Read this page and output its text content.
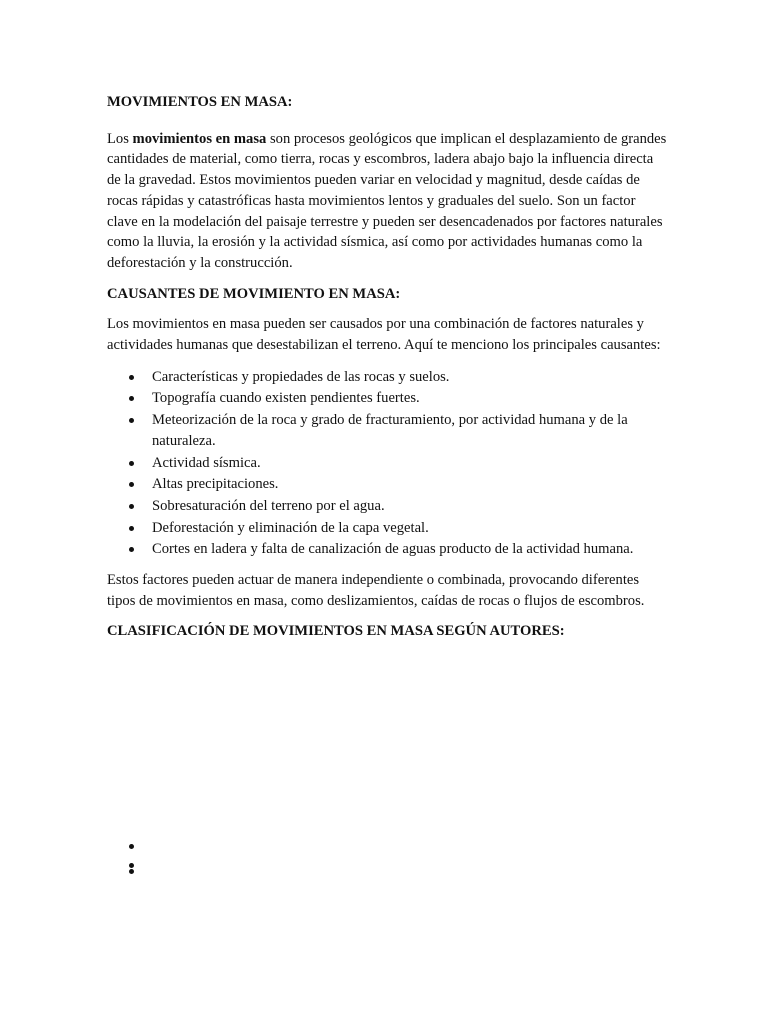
MOVIMIENTOS EN MASA:

Los movimientos en masa son procesos geológicos que implican el desplazamiento de grandes cantidades de material, como tierra, rocas y escombros, ladera abajo bajo la influencia directa de la gravedad. Estos movimientos pueden variar en velocidad y magnitud, desde caídas de rocas rápidas y catastróficas hasta movimientos lentos y graduales del suelo. Son un factor clave en la modelación del paisaje terrestre y pueden ser desencadenados por factores naturales como la lluvia, la erosión y la actividad sísmica, así como por actividades humanas como la deforestación y la construcción.

CAUSANTES DE MOVIMIENTO EN MASA:

Los movimientos en masa pueden ser causados por una combinación de factores naturales y actividades humanas que desestabilizan el terreno. Aquí te menciono los principales causantes:

Características y propiedades de las rocas y suelos.
Topografía cuando existen pendientes fuertes.
Meteorización de la roca y grado de fracturamiento, por actividad humana y de la naturaleza.
Actividad sísmica.
Altas precipitaciones.
Sobresaturación del terreno por el agua.
Deforestación y eliminación de la capa vegetal.
Cortes en ladera y falta de canalización de aguas producto de la actividad humana.

Estos factores pueden actuar de manera independiente o combinada, provocando diferentes tipos de movimientos en masa, como deslizamientos, caídas de rocas o flujos de escombros.

CLASIFICACIÓN DE MOVIMIENTOS EN MASA SEGÚN AUTORES:
